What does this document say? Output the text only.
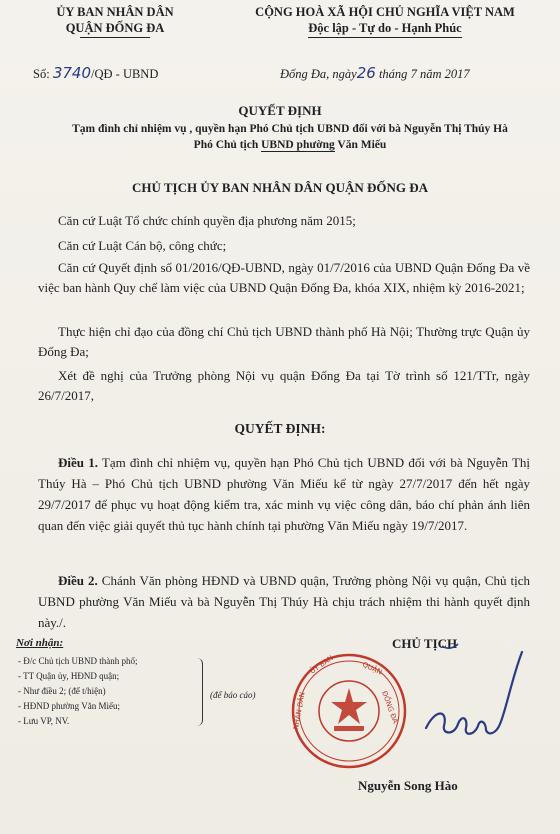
ỦY BAN NHÂN DÂN
QUẬN ĐỐNG ĐA
CỘNG HOÀ XÃ HỘI CHỦ NGHĨA VIỆT NAM
Độc lập - Tự do - Hạnh Phúc
Số: 3740/QĐ - UBND	Đống Đa, ngày26 tháng 7 năm 2017
QUYẾT ĐỊNH
Tạm đình chỉ nhiệm vụ , quyền hạn Phó Chủ tịch UBND đối với bà Nguyễn Thị Thúy Hà
Phó Chủ tịch UBND phường Văn Miếu
CHỦ TỊCH ỦY BAN NHÂN DÂN QUẬN ĐỐNG ĐA
Căn cứ Luật Tổ chức chính quyền địa phương năm 2015;
Căn cứ Luật Cán bộ, công chức;
Căn cứ Quyết định số 01/2016/QĐ-UBND, ngày 01/7/2016 của UBND Quận Đống Đa về việc ban hành Quy chế làm việc của UBND Quận Đống Đa, khóa XIX, nhiệm kỳ 2016-2021;
Thực hiện chỉ đạo của đồng chí Chủ tịch UBND thành phố Hà Nội; Thường trực Quận ủy Đống Đa;
Xét đề nghị của Trưởng phòng Nội vụ quận Đống Đa tại Tờ trình số 121/TTr, ngày 26/7/2017,
QUYẾT ĐỊNH:
Điều 1. Tạm đình chỉ nhiệm vụ, quyền hạn Phó Chủ tịch UBND đối với bà Nguyễn Thị Thúy Hà – Phó Chủ tịch UBND phường Văn Miếu kể từ ngày 27/7/2017 đến hết ngày 29/7/2017 để phục vụ hoạt động kiểm tra, xác minh vụ việc công dân, báo chí phản ánh liên quan đến việc giải quyết thủ tục hành chính tại phường Văn Miếu ngày 19/7/2017.
Điều 2. Chánh Văn phòng HĐND và UBND quận, Trưởng phòng Nội vụ quận, Chủ tịch UBND phường Văn Miếu và bà Nguyễn Thị Thúy Hà chịu trách nhiệm thi hành quyết định này./.
Nơi nhận:
- Đ/c Chủ tịch UBND thành phố;
- TT Quận ủy, HĐND quận;
- Như điều 2; (để t/hiện)
- HĐND phường Văn Miếu;
- Lưu VP, NV.
(để báo cáo)
CHỦ TỊCH
ỦY BAN	QUẬN
ĐỐNG ĐA
NHÂN DÂN
Nguyễn Song Hào
